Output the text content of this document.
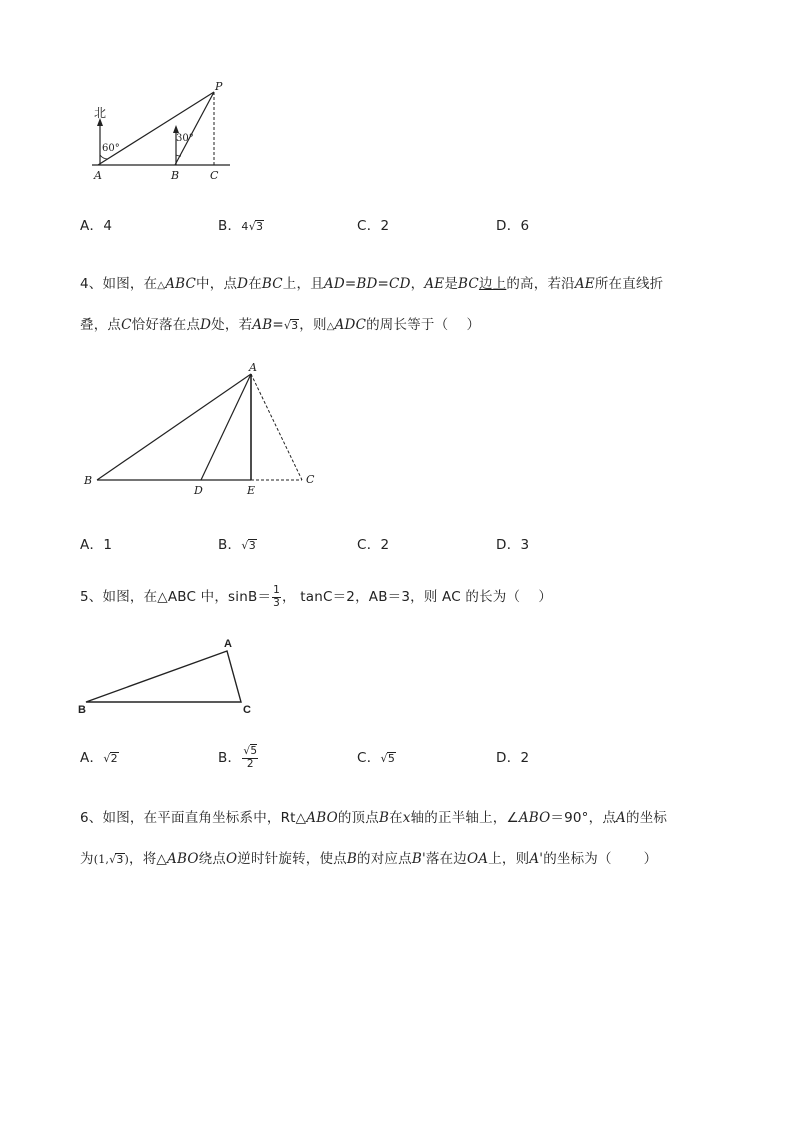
北
60°
30°
P
A	B	C
A．4	B．4√3	C．2	D．6
4、如图，在△ABC中，点D在BC上，且AD=BD=CD，AE是BC边上的高，若沿AE所在直线折
叠，点C恰好落在点D处，若AB=√3，则△ADC的周长等于（　 ）
A
B
D	E
C
A．1	B．√3	C．2	D．3
5、如图，在△ABC 中，$\sin B= \frac{1}{3}$ ， tanC＝2，AB＝3，则 AC 的长为（　 ）
A
B	C
A．√2	B． $\frac{√5}{2}$	C．√5	D．2
6、如图，在平面直角坐标系中，Rt△ABO的顶点B在x轴的正半轴上，∠ABO＝90°，点A的坐标
为(1,√3)，将△ABO绕点O逆时针旋转，使点B的对应点B'落在边OA上，则A'的坐标为（　　 ）
